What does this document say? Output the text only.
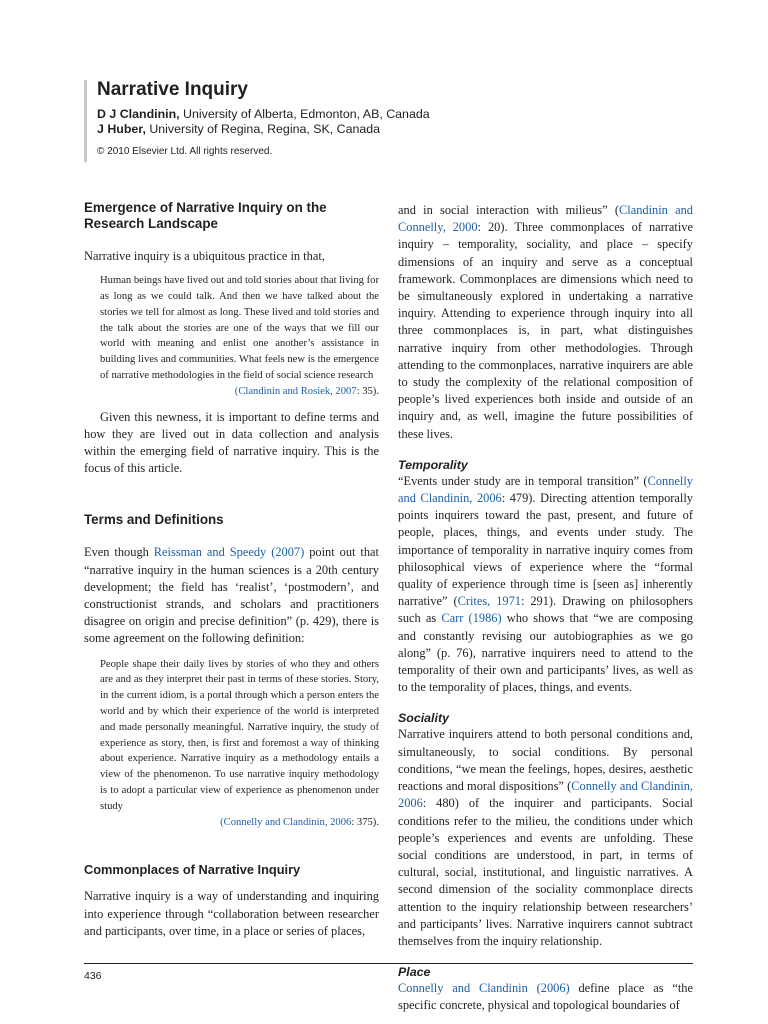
Narrative Inquiry
D J Clandinin, University of Alberta, Edmonton, AB, Canada
J Huber, University of Regina, Regina, SK, Canada
© 2010 Elsevier Ltd. All rights reserved.
Emergence of Narrative Inquiry on the Research Landscape

Narrative inquiry is a ubiquitous practice in that,

Human beings have lived out and told stories about that living for as long as we could talk. And then we have talked about the stories we tell for almost as long. These lived and told stories and the talk about the stories are one of the ways that we fill our world with meaning and enlist one another’s assistance in building lives and communities. What feels new is the emergence of narrative methodologies in the field of social science research
(Clandinin and Rosiek, 2007: 35).

Given this newness, it is important to define terms and how they are lived out in data collection and analysis within the emerging field of narrative inquiry. This is the focus of this article.

Terms and Definitions

Even though Reissman and Speedy (2007) point out that “narrative inquiry in the human sciences is a 20th century development; the field has ‘realist’, ‘postmodern’, and constructionist strands, and scholars and practitioners disagree on origin and precise definition” (p. 429), there is some agreement on the following definition:

People shape their daily lives by stories of who they and others are and as they interpret their past in terms of these stories. Story, in the current idiom, is a portal through which a person enters the world and by which their experience of the world is interpreted and made personally meaningful. Narrative inquiry, the study of experience as story, then, is first and foremost a way of thinking about experience. Narrative inquiry as a methodology entails a view of the phenomenon. To use narrative inquiry methodology is to adopt a particular view of experience as phenomenon under study
(Connelly and Clandinin, 2006: 375).
Commonplaces of Narrative Inquiry

Narrative inquiry is a way of understanding and inquiring into experience through “collaboration between researcher and participants, over time, in a place or series of places,

and in social interaction with milieus” (Clandinin and Connelly, 2000: 20). Three commonplaces of narrative inquiry – temporality, sociality, and place – specify dimensions of an inquiry and serve as a conceptual framework. Commonplaces are dimensions which need to be simultaneously explored in undertaking a narrative inquiry. Attending to experience through inquiry into all three commonplaces is, in part, what distinguishes narrative inquiry from other methodologies. Through attending to the commonplaces, narrative inquirers are able to study the complexity of the relational composition of people’s lived experiences both inside and outside of an inquiry and, as well, imagine the future possibilities of these lives.

Temporality

“Events under study are in temporal transition” (Connelly and Clandinin, 2006: 479). Directing attention temporally points inquirers toward the past, present, and future of people, places, things, and events under study. The importance of temporality in narrative inquiry comes from philosophical views of experience where the “formal quality of experience through time is [seen as] inherently narrative” (Crites, 1971: 291). Drawing on philosophers such as Carr (1986) who shows that “we are composing and constantly revising our autobiographies as we go along” (p. 76), narrative inquirers need to attend to the temporality of their own and participants’ lives, as well as to the temporality of places, things, and events.

Sociality

Narrative inquirers attend to both personal conditions and, simultaneously, to social conditions. By personal conditions, “we mean the feelings, hopes, desires, aesthetic reactions and moral dispositions” (Connelly and Clandinin, 2006: 480) of the inquirer and participants. Social conditions refer to the milieu, the conditions under which people’s experiences and events are unfolding. These social conditions are understood, in part, in terms of cultural, social, institutional, and linguistic narratives. A second dimension of the sociality commonplace directs attention to the inquiry relationship between researchers’ and participants’ lives. Narrative inquirers cannot subtract themselves from the inquiry relationship.

Place

Connelly and Clandinin (2006) define place as “the specific concrete, physical and topological boundaries of

436
